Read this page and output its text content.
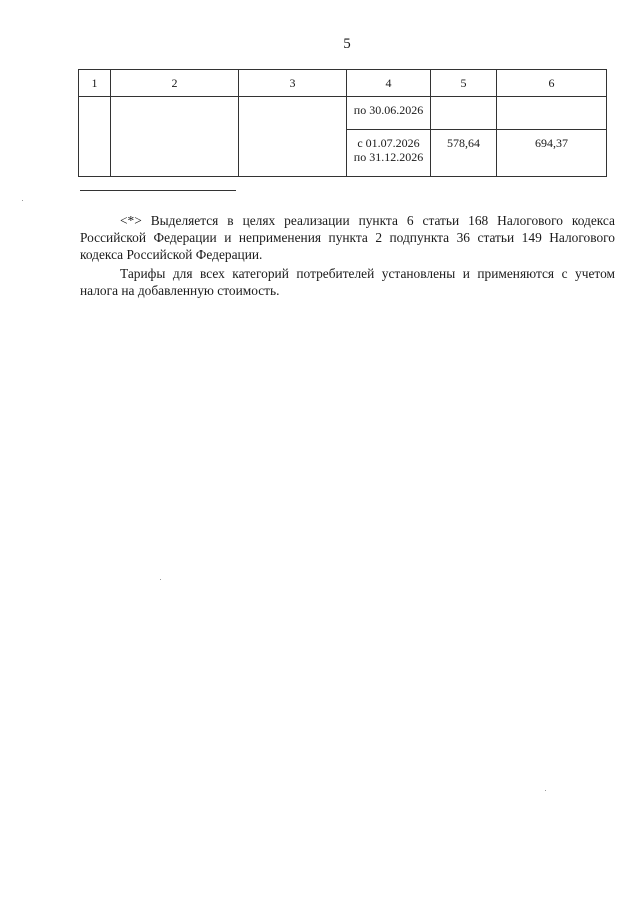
5
1	2	3	4	5	6
			по 30.06.2026		

			с 01.07.2026
по 31.12.2026	578,64	694,37

<*> Выделяется в целях реализации пункта 6 статьи 168 Налогового кодекса Российской Федерации и неприменения пункта 2 подпункта 36 статьи 149 Налогового кодекса Российской Федерации.

Тарифы для всех категорий потребителей установлены и применяются с учетом налога на добавленную стоимость.
